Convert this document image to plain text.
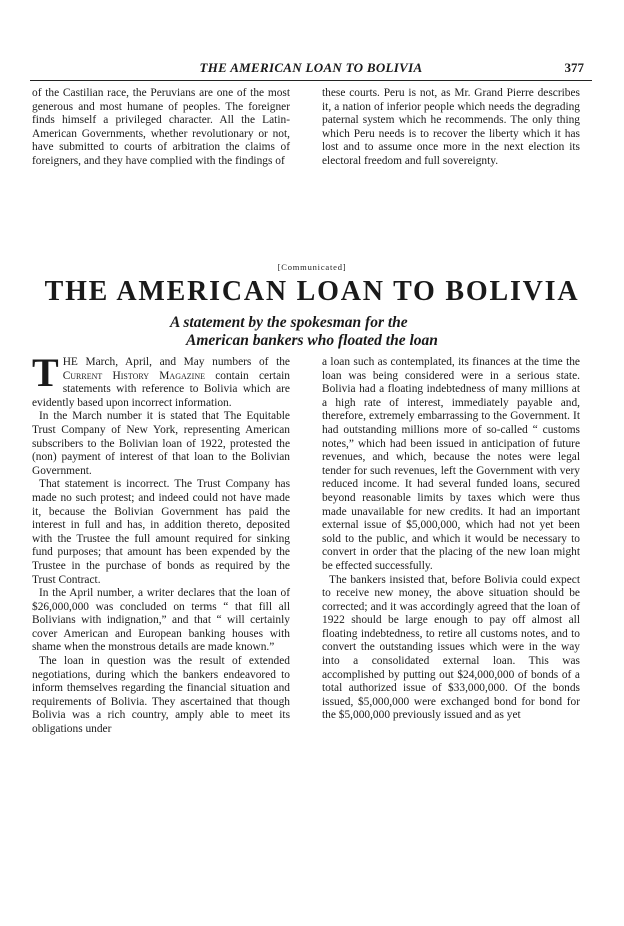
THE AMERICAN LOAN TO BOLIVIA	377

of the Castilian race, the Peruvians are one of the most generous and most humane of peoples. The foreigner finds himself a privileged character. All the Latin-American Governments, whether revolutionary or not, have submitted to courts of arbitration the claims of foreigners, and they have complied with the findings of

these courts. Peru is not, as Mr. Grand Pierre describes it, a nation of inferior people which needs the degrading paternal system which he recommends. The only thing which Peru needs is to recover the liberty which it has lost and to assume once more in the next election its electoral freedom and full sovereignty.

[Communicated]
THE AMERICAN LOAN TO BOLIVIA
A statement by the spokesman for the
American bankers who floated the loan

THE March, April, and May numbers of the Current History Magazine contain certain statements with reference to Bolivia which are evidently based upon incorrect information.

In the March number it is stated that The Equitable Trust Company of New York, representing American subscribers to the Bolivian loan of 1922, protested the (non) payment of interest of that loan to the Bolivian Government.

That statement is incorrect. The Trust Company has made no such protest; and indeed could not have made it, because the Bolivian Government has paid the interest in full and has, in addition thereto, deposited with the Trustee the full amount required for sinking fund purposes; that amount has been expended by the Trustee in the purchase of bonds as required by the Trust Contract.

In the April number, a writer declares that the loan of $26,000,000 was concluded on terms “ that fill all Bolivians with indignation,” and that “ will certainly cover American and European banking houses with shame when the monstrous details are made known.”

The loan in question was the result of extended negotiations, during which the bankers endeavored to inform themselves regarding the financial situation and requirements of Bolivia. They ascertained that though Bolivia was a rich country, amply able to meet its obligations under

a loan such as contemplated, its finances at the time the loan was being considered were in a serious state. Bolivia had a floating indebtedness of many millions at a high rate of interest, immediately payable and, therefore, extremely embarrassing to the Government. It had outstanding millions more of so-called “ customs notes,” which had been issued in anticipation of future revenues, and which, because the notes were legal tender for such revenues, left the Government with very reduced income. It had several funded loans, secured beyond reasonable limits by taxes which were thus made unavailable for new credits. It had an important external issue of $5,000,000, which had not yet been sold to the public, and which it would be necessary to convert in order that the placing of the new loan might be effected successfully.

The bankers insisted that, before Bolivia could expect to receive new money, the above situation should be corrected; and it was accordingly agreed that the loan of 1922 should be large enough to pay off almost all floating indebtedness, to retire all customs notes, and to convert the outstanding issues which were in the way into a consolidated external loan. This was accomplished by putting out $24,000,000 of bonds of a total authorized issue of $33,000,000. Of the bonds issued, $5,000,000 were exchanged bond for bond for the $5,000,000 previously issued and as yet
